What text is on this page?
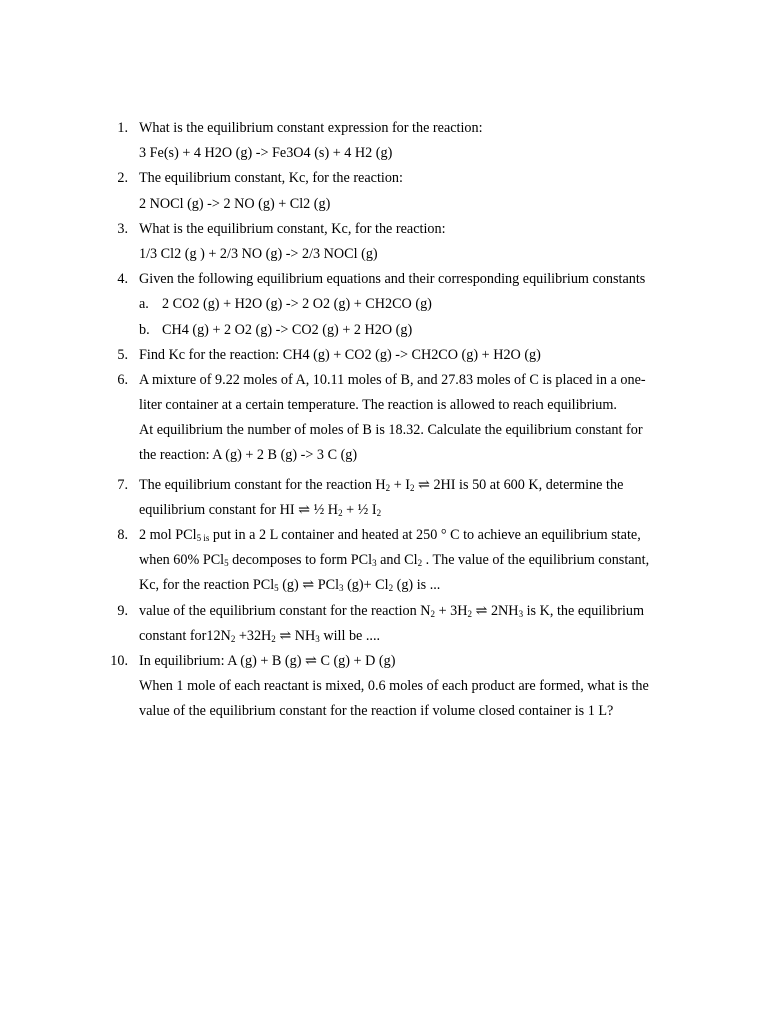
1. What is the equilibrium constant expression for the reaction:
3 Fe(s) + 4 H2O (g) -> Fe3O4 (s) + 4 H2 (g)
2. The equilibrium constant, Kc, for the reaction:
2 NOCl (g) -> 2 NO (g) + Cl2 (g)
3. What is the equilibrium constant, Kc, for the reaction:
1/3 Cl2 (g ) + 2/3 NO (g) -> 2/3 NOCl (g)
4. Given the following equilibrium equations and their corresponding equilibrium constants
a. 2 CO2 (g) + H2O (g) -> 2 O2 (g) + CH2CO (g)
b. CH4 (g) + 2 O2 (g) -> CO2 (g) + 2 H2O (g)
5. Find Kc for the reaction: CH4 (g) + CO2 (g) -> CH2CO (g) + H2O (g)
6. A mixture of 9.22 moles of A, 10.11 moles of B, and 27.83 moles of C is placed in a one-
liter container at a certain temperature. The reaction is allowed to reach equilibrium.
At equilibrium the number of moles of B is 18.32. Calculate the equilibrium constant for
the reaction: A (g) + 2 B (g) -> 3 C (g)
7. The equilibrium constant for the reaction $H_2 + I_2$ ⇌ 2HI is 50 at 600 K, determine the
equilibrium constant for HI ⇌ ½ $H_2$ + ½ $I_2$
8. 2 mol PCl$_{5 is}$ put in a 2 L container and heated at 250 ° C to achieve an equilibrium state,
when 60% PCl$_5$ decomposes to form PCl$_3$ and $Cl_2$ . The value of the equilibrium constant,
Kc, for the reaction PCl$_5$ (g) ⇌ PCl$_3$ $(g)+ Cl_2$ (g) is ...
9. value of the equilibrium constant for the reaction $N_2 + 3H_2$ ⇌ $2NH_3$ is K, the equilibrium
constant $for12N_2 +32H_2$ ⇌ $NH_3$ will be ....
10. In equilibrium: A (g) + B (g) ⇌ C (g) + D (g)
When 1 mole of each reactant is mixed, 0.6 moles of each product are formed, what is the
value of the equilibrium constant for the reaction if volume closed container is 1 L?
